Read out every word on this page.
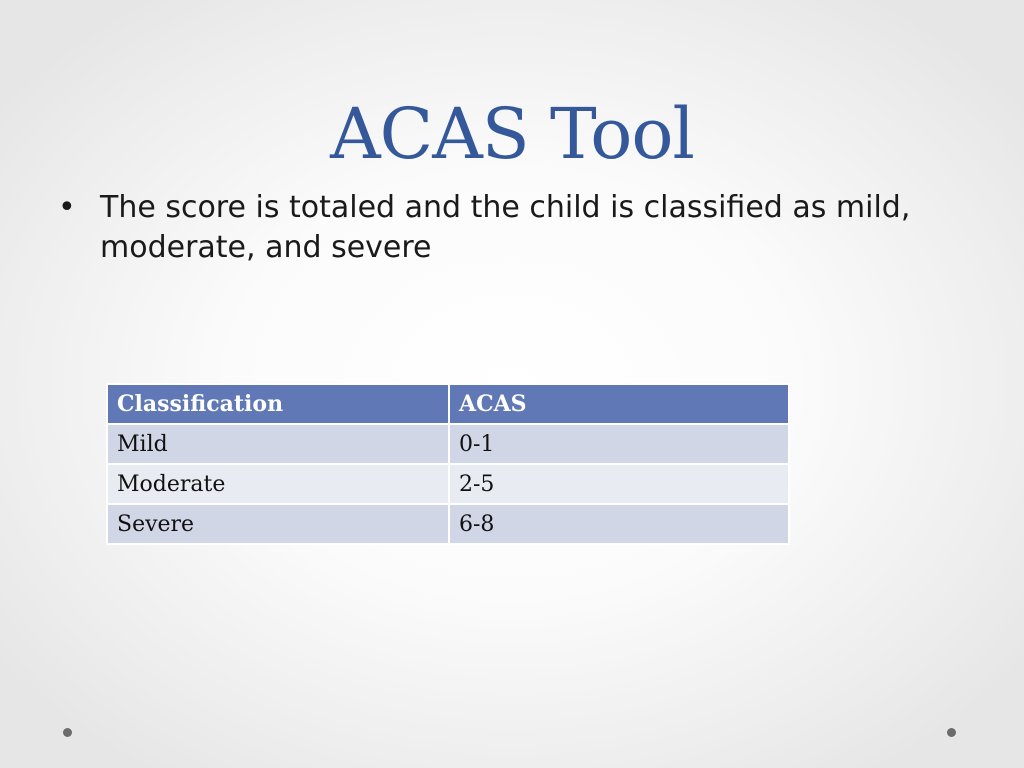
ACAS Tool
• The score is totaled and the child is classified as mild, moderate, and severe
Classification	ACAS
Mild	0-1
Moderate	2-5
Severe	6-8
